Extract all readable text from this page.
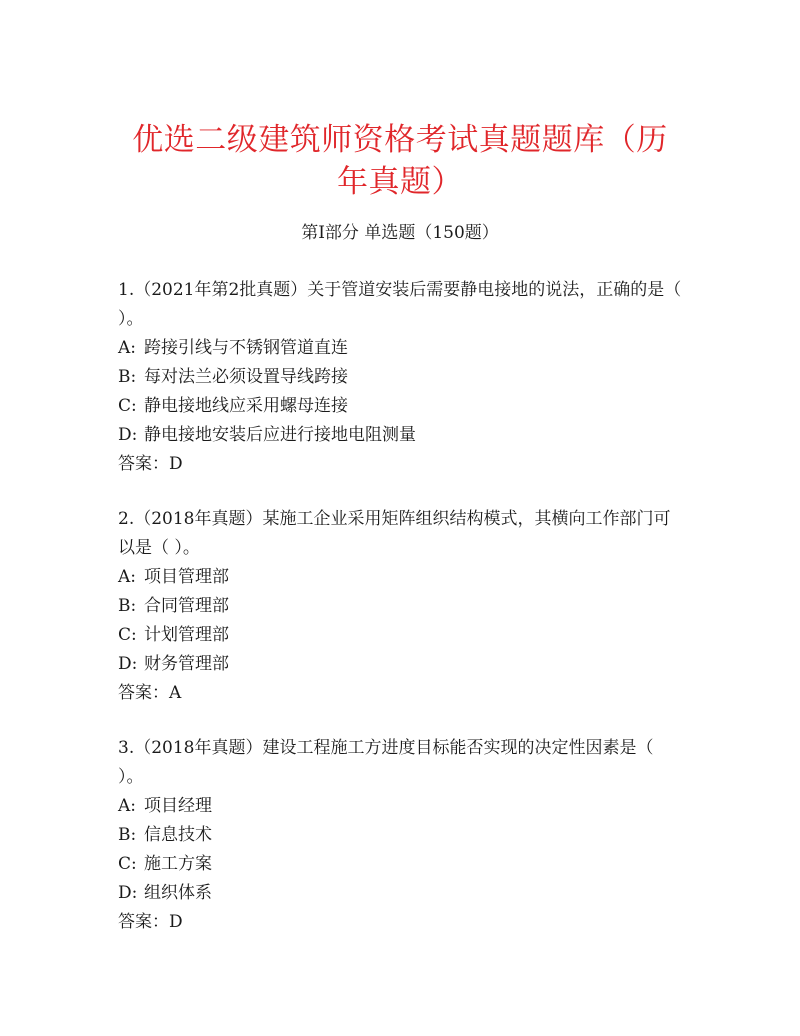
优选二级建筑师资格考试真题题库（历年真题）
第I部分 单选题（150题）

1.（2021年第2批真题）关于管道安装后需要静电接地的说法，正确的是（ ）。

A: 跨接引线与不锈钢管道直连

B: 每对法兰必须设置导线跨接

C: 静电接地线应采用螺母连接

D: 静电接地安装后应进行接地电阻测量

答案：D

2.（2018年真题）某施工企业采用矩阵组织结构模式，其横向工作部门可以是（ ）。

A: 项目管理部

B: 合同管理部

C: 计划管理部

D: 财务管理部

答案：A

3.（2018年真题）建设工程施工方进度目标能否实现的决定性因素是（ ）。

A: 项目经理

B: 信息技术

C: 施工方案

D: 组织体系

答案：D
